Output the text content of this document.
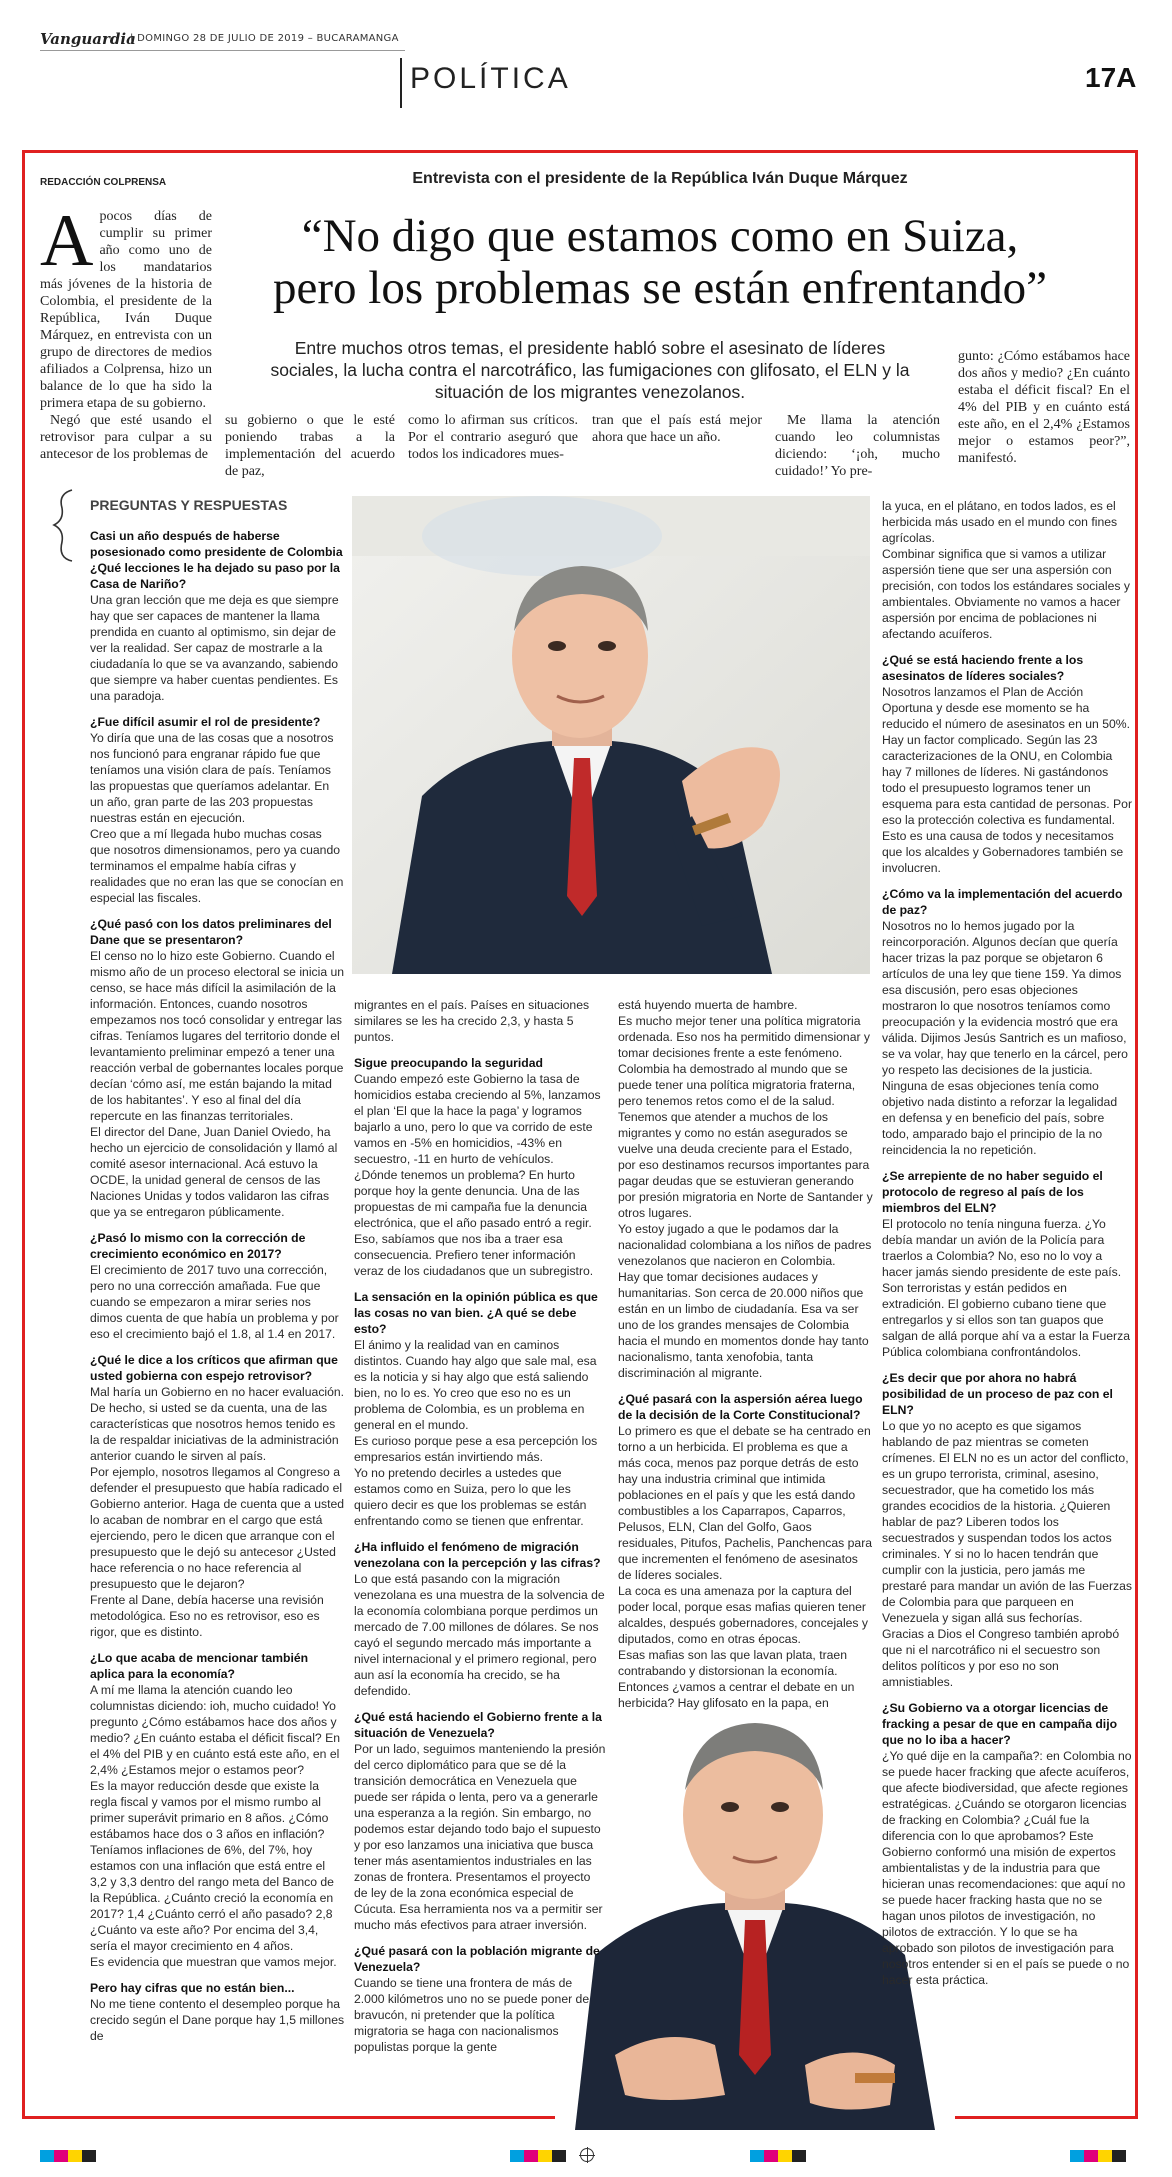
Vanguardia
| DOMINGO 28 DE JULIO DE 2019 – BUCARAMANGA
POLÍTICA	17A
REDACCIÓN COLPRENSA	Entrevista con el presidente de la República Iván Duque Márquez
“No digo que estamos como en Suiza,
pero los problemas se están enfrentando”
Entre muchos otros temas, el presidente habló sobre el asesinato de líderes sociales, la lucha contra el narcotráfico, las fumigaciones con glifosato, el ELN y la situación de los migrantes venezolanos.
A pocos días de cumplir su primer año como uno de los mandatarios más jóvenes de la historia de Colombia, el presidente de la República, Iván Duque Márquez, en entrevista con un grupo de directores de medios afiliados a Colprensa, hizo un balance de lo que ha sido la primera etapa de su gobierno.

Negó que esté usando el retrovisor para culpar a su antecesor de los problemas de

su gobierno o que le esté poniendo trabas a la implementación del acuerdo de paz,
como lo afirman sus críticos. Por el contrario aseguró que todos los indicadores mues-
tran que el país está mejor ahora que hace un año.
Me llama la atención cuando leo columnistas diciendo: ‘¡oh, mucho cuidado!’ Yo pre-
gunto: ¿Cómo estábamos hace dos años y medio? ¿En cuánto estaba el déficit fiscal? En el 4% del PIB y en cuánto está este año, en el 2,4% ¿Estamos mejor o estamos peor?”, manifestó.
PREGUNTAS Y RESPUESTAS

Casi un año después de haberse posesionado como presidente de Colombia ¿Qué lecciones le ha dejado su paso por la Casa de Nariño?

Una gran lección que me deja es que siempre hay que ser capaces de mantener la llama prendida en cuanto al optimismo, sin dejar de ver la realidad. Ser capaz de mostrarle a la ciudadanía lo que se va avanzando, sabiendo que siempre va haber cuentas pendientes. Es una paradoja.

¿Fue difícil asumir el rol de presidente?

Yo diría que una de las cosas que a nosotros nos funcionó para engranar rápido fue que teníamos una visión clara de país. Teníamos las propuestas que queríamos adelantar. En un año, gran parte de las 203 propuestas nuestras están en ejecución.

Creo que a mí llegada hubo muchas cosas que nosotros dimensionamos, pero ya cuando terminamos el empalme había cifras y realidades que no eran las que se conocían en especial las fiscales.

¿Qué pasó con los datos preliminares del Dane que se presentaron?

El censo no lo hizo este Gobierno. Cuando el mismo año de un proceso electoral se inicia un censo, se hace más difícil la asimilación de la información. Entonces, cuando nosotros empezamos nos tocó consolidar y entregar las cifras. Teníamos lugares del territorio donde el levantamiento preliminar empezó a tener una reacción verbal de gobernantes locales porque decían ‘cómo así, me están bajando la mitad de los habitantes’. Y eso al final del día repercute en las finanzas territoriales.

El director del Dane, Juan Daniel Oviedo, ha hecho un ejercicio de consolidación y llamó al comité asesor internacional. Acá estuvo la OCDE, la unidad general de censos de las Naciones Unidas y todos validaron las cifras que ya se entregaron públicamente.

¿Pasó lo mismo con la corrección de crecimiento económico en 2017?

El crecimiento de 2017 tuvo una corrección, pero no una corrección amañada. Fue que cuando se empezaron a mirar series nos dimos cuenta de que había un problema y por eso el crecimiento bajó el 1.8, al 1.4 en 2017.

¿Qué le dice a los críticos que afirman que usted gobierna con espejo retrovisor?

Mal haría un Gobierno en no hacer evaluación. De hecho, si usted se da cuenta, una de las características que nosotros hemos tenido es la de respaldar iniciativas de la administración anterior cuando le sirven al país.

Por ejemplo, nosotros llegamos al Congreso a defender el presupuesto que había radicado el Gobierno anterior. Haga de cuenta que a usted lo acaban de nombrar en el cargo que está ejerciendo, pero le dicen que arranque con el presupuesto que le dejó su antecesor ¿Usted hace referencia o no hace referencia al presupuesto que le dejaron?

Frente al Dane, debía hacerse una revisión metodológica. Eso no es retrovisor, eso es rigor, que es distinto.

¿Lo que acaba de mencionar también aplica para la economía?

A mí me llama la atención cuando leo columnistas diciendo: ioh, mucho cuidado! Yo pregunto ¿Cómo estábamos hace dos años y medio? ¿En cuánto estaba el déficit fiscal? En el 4% del PIB y en cuánto está este año, en el 2,4% ¿Estamos mejor o estamos peor?

Es la mayor reducción desde que existe la regla fiscal y vamos por el mismo rumbo al primer superávit primario en 8 años. ¿Cómo estábamos hace dos o 3 años en inflación? Teníamos inflaciones de 6%, del 7%, hoy estamos con una inflación que está entre el 3,2 y 3,3 dentro del rango meta del Banco de la República. ¿Cuánto creció la economía en 2017? 1,4 ¿Cuánto cerró el año pasado? 2,8 ¿Cuánto va este año? Por encima del 3,4, sería el mayor crecimiento en 4 años.

Es evidencia que muestran que vamos mejor.

Pero hay cifras que no están bien...

No me tiene contento el desempleo porque ha crecido según el Dane porque hay 1,5 millones de

migrantes en el país. Países en situaciones similares se les ha crecido 2,3, y hasta 5 puntos.

Sigue preocupando la seguridad

Cuando empezó este Gobierno la tasa de homicidios estaba creciendo al 5%, lanzamos el plan ‘El que la hace la paga’ y logramos bajarlo a uno, pero lo que va corrido de este vamos en -5% en homicidios, -43% en secuestro, -11 en hurto de vehículos.

¿Dónde tenemos un problema? En hurto porque hoy la gente denuncia. Una de las propuestas de mi campaña fue la denuncia electrónica, que el año pasado entró a regir. Eso, sabíamos que nos iba a traer esa consecuencia. Prefiero tener información veraz de los ciudadanos que un subregistro.

La sensación en la opinión pública es que las cosas no van bien. ¿A qué se debe esto?

El ánimo y la realidad van en caminos distintos. Cuando hay algo que sale mal, esa es la noticia y si hay algo que está saliendo bien, no lo es. Yo creo que eso no es un problema de Colombia, es un problema en general en el mundo.

Es curioso porque pese a esa percepción los empresarios están invirtiendo más.

Yo no pretendo decirles a ustedes que estamos como en Suiza, pero lo que les quiero decir es que los problemas se están enfrentando como se tienen que enfrentar.

¿Ha influido el fenómeno de migración venezolana con la percepción y las cifras?

Lo que está pasando con la migración venezolana es una muestra de la solvencia de la economía colombiana porque perdimos un mercado de 7.00 millones de dólares. Se nos cayó el segundo mercado más importante a nivel internacional y el primero regional, pero aun así la economía ha crecido, se ha defendido.

¿Qué está haciendo el Gobierno frente a la situación de Venezuela?

Por un lado, seguimos manteniendo la presión del cerco diplomático para que se dé la transición democrática en Venezuela que puede ser rápida o lenta, pero va a generarle una esperanza a la región. Sin embargo, no podemos estar dejando todo bajo el supuesto y por eso lanzamos una iniciativa que busca tener más asentamientos industriales en las zonas de frontera. Presentamos el proyecto de ley de la zona económica especial de Cúcuta. Esa herramienta nos va a permitir ser mucho más efectivos para atraer inversión.

¿Qué pasará con la población migrante de Venezuela?

Cuando se tiene una frontera de más de 2.000 kilómetros uno no se puede poner de bravucón, ni pretender que la política migratoria se haga con nacionalismos populistas porque la gente

está huyendo muerta de hambre.

Es mucho mejor tener una política migratoria ordenada. Eso nos ha permitido dimensionar y tomar decisiones frente a este fenómeno.

Colombia ha demostrado al mundo que se puede tener una política migratoria fraterna, pero tenemos retos como el de la salud. Tenemos que atender a muchos de los migrantes y como no están asegurados se vuelve una deuda creciente para el Estado, por eso destinamos recursos importantes para pagar deudas que se estuvieran generando por presión migratoria en Norte de Santander y otros lugares.

Yo estoy jugado a que le podamos dar la nacionalidad colombiana a los niños de padres venezolanos que nacieron en Colombia.

Hay que tomar decisiones audaces y humanitarias. Son cerca de 20.000 niños que están en un limbo de ciudadanía. Esa va ser uno de los grandes mensajes de Colombia hacia el mundo en momentos donde hay tanto nacionalismo, tanta xenofobia, tanta discriminación al migrante.

¿Qué pasará con la aspersión aérea luego de la decisión de la Corte Constitucional?

Lo primero es que el debate se ha centrado en torno a un herbicida. El problema es que a más coca, menos paz porque detrás de esto hay una industria criminal que intimida poblaciones en el país y que les está dando combustibles a los Caparrapos, Caparros, Pelusos, ELN, Clan del Golfo, Gaos residuales, Pitufos, Pachelis, Panchencas para que incrementen el fenómeno de asesinatos de líderes sociales.

La coca es una amenaza por la captura del poder local, porque esas mafias quieren tener alcaldes, después gobernadores, concejales y diputados, como en otras épocas.

Esas mafias son las que lavan plata, traen contrabando y distorsionan la economía.

Entonces ¿vamos a centrar el debate en un herbicida? Hay glifosato en la papa, en

la yuca, en el plátano, en todos lados, es el herbicida más usado en el mundo con fines agrícolas.

Combinar significa que si vamos a utilizar aspersión tiene que ser una aspersión con precisión, con todos los estándares sociales y ambientales. Obviamente no vamos a hacer aspersión por encima de poblaciones ni afectando acuíferos.

¿Qué se está haciendo frente a los asesinatos de líderes sociales?

Nosotros lanzamos el Plan de Acción Oportuna y desde ese momento se ha reducido el número de asesinatos en un 50%. Hay un factor complicado. Según las 23 caracterizaciones de la ONU, en Colombia hay 7 millones de líderes. Ni gastándonos todo el presupuesto logramos tener un esquema para esta cantidad de personas. Por eso la protección colectiva es fundamental. Esto es una causa de todos y necesitamos que los alcaldes y Gobernadores también se involucren.

¿Cómo va la implementación del acuerdo de paz?

Nosotros no lo hemos jugado por la reincorporación. Algunos decían que quería hacer trizas la paz porque se objetaron 6 artículos de una ley que tiene 159. Ya dimos esa discusión, pero esas objeciones mostraron lo que nosotros teníamos como preocupación y la evidencia mostró que era válida. Dijimos Jesús Santrich es un mafioso, se va volar, hay que tenerlo en la cárcel, pero yo respeto las decisiones de la justicia.

Ninguna de esas objeciones tenía como objetivo nada distinto a reforzar la legalidad en defensa y en beneficio del país, sobre todo, amparado bajo el principio de la no reincidencia la no repetición.

¿Se arrepiente de no haber seguido el protocolo de regreso al país de los miembros del ELN?

El protocolo no tenía ninguna fuerza. ¿Yo debía mandar un avión de la Policía para traerlos a Colombia? No, eso no lo voy a hacer jamás siendo presidente de este país. Son terroristas y están pedidos en extradición. El gobierno cubano tiene que entregarlos y si ellos son tan guapos que salgan de allá porque ahí va a estar la Fuerza Pública colombiana confrontándolos.

¿Es decir que por ahora no habrá posibilidad de un proceso de paz con el ELN?

Lo que yo no acepto es que sigamos hablando de paz mientras se cometen crímenes. El ELN no es un actor del conflicto, es un grupo terrorista, criminal, asesino, secuestrador, que ha cometido los más grandes ecocidios de la historia. ¿Quieren hablar de paz? Liberen todos los secuestrados y suspendan todos los actos criminales. Y si no lo hacen tendrán que cumplir con la justicia, pero jamás me prestaré para mandar un avión de las Fuerzas de Colombia para que parqueen en Venezuela y sigan allá sus fechorías.

Gracias a Dios el Congreso también aprobó que ni el narcotráfico ni el secuestro son delitos políticos y por eso no son amnistiables.

¿Su Gobierno va a otorgar licencias de fracking a pesar de que en campaña dijo que no lo iba a hacer?

¿Yo qué dije en la campaña?: en Colombia no se puede hacer fracking que afecte acuíferos, que afecte biodiversidad, que afecte regiones estratégicas. ¿Cuándo se otorgaron licencias de fracking en Colombia? ¿Cuál fue la diferencia con lo que aprobamos? Este Gobierno conformó una misión de expertos ambientalistas y de la industria para que hicieran unas recomendaciones: que aquí no se puede hacer fracking hasta que no se hagan unos pilotos de investigación, no pilotos de extracción. Y lo que se ha aprobado son pilotos de investigación para nosotros entender si en el país se puede o no hacer esta práctica.
